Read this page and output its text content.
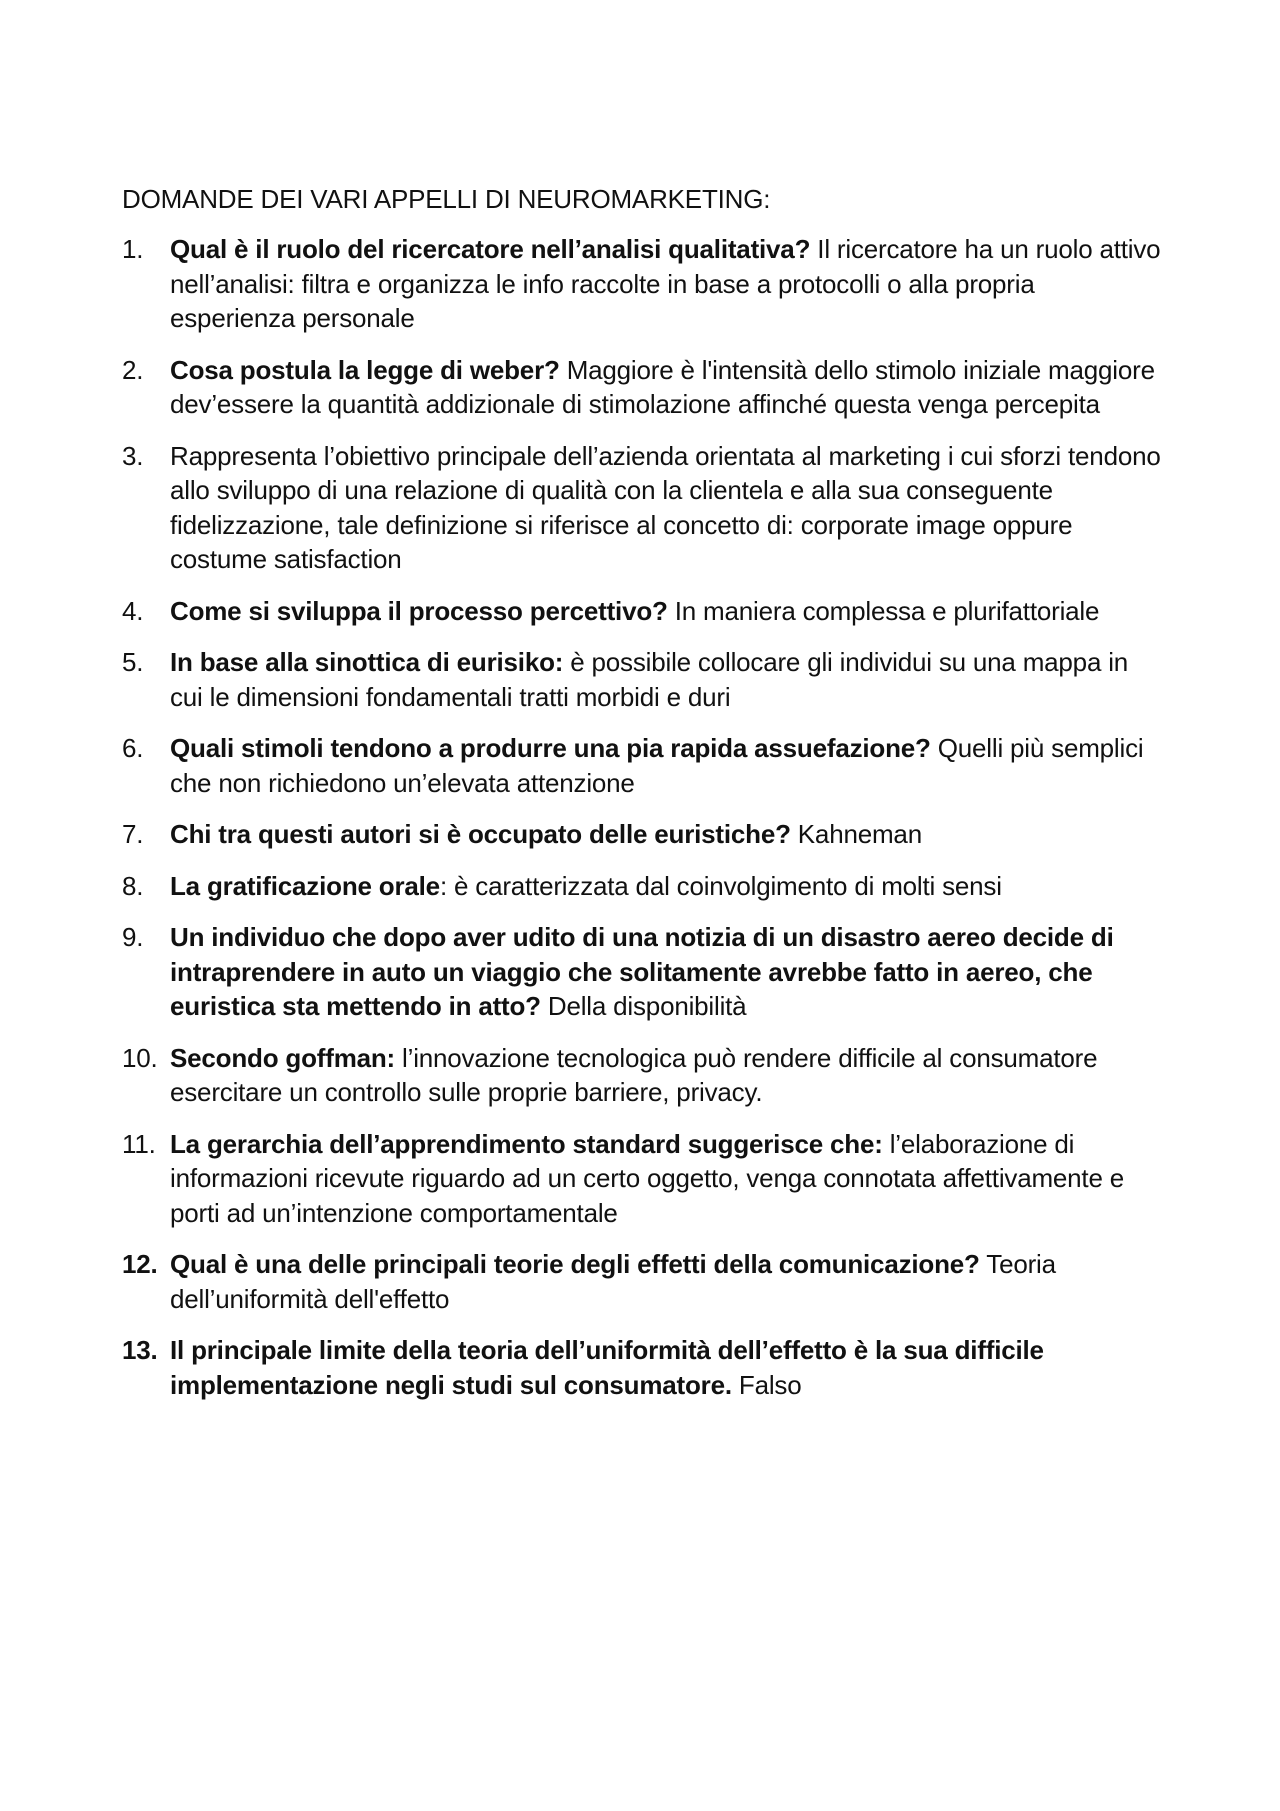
DOMANDE DEI VARI APPELLI DI NEUROMARKETING:
1. Qual è il ruolo del ricercatore nell’analisi qualitativa? Il ricercatore ha un ruolo attivo nell’analisi: filtra e organizza le info raccolte in base a protocolli o alla propria esperienza personale
2. Cosa postula la legge di weber? Maggiore è l'intensità dello stimolo iniziale maggiore dev’essere la quantità addizionale di stimolazione affinché questa venga percepita
3. Rappresenta l’obiettivo principale dell’azienda orientata al marketing i cui sforzi tendono allo sviluppo di una relazione di qualità con la clientela e alla sua conseguente fidelizzazione, tale definizione si riferisce al concetto di: corporate image oppure costume satisfaction
4. Come si sviluppa il processo percettivo? In maniera complessa e plurifattoriale
5. In base alla sinottica di eurisiko: è possibile collocare gli individui su una mappa in cui le dimensioni fondamentali tratti morbidi e duri
6. Quali stimoli tendono a produrre una pia rapida assuefazione? Quelli più semplici che non richiedono un’elevata attenzione
7. Chi tra questi autori si è occupato delle euristiche? Kahneman
8. La gratificazione orale: è caratterizzata dal coinvolgimento di molti sensi
9. Un individuo che dopo aver udito di una notizia di un disastro aereo decide di intraprendere in auto un viaggio che solitamente avrebbe fatto in aereo, che euristica sta mettendo in atto? Della disponibilità
10. Secondo goffman: l’innovazione tecnologica può rendere difficile al consumatore esercitare un controllo sulle proprie barriere, privacy.
11. La gerarchia dell’apprendimento standard suggerisce che: l’elaborazione di informazioni ricevute riguardo ad un certo oggetto, venga connotata affettivamente e porti ad un’intenzione comportamentale
12. Qual è una delle principali teorie degli effetti della comunicazione? Teoria dell’uniformità dell'effetto
13. Il principale limite della teoria dell’uniformità dell’effetto è la sua difficile implementazione negli studi sul consumatore. Falso
